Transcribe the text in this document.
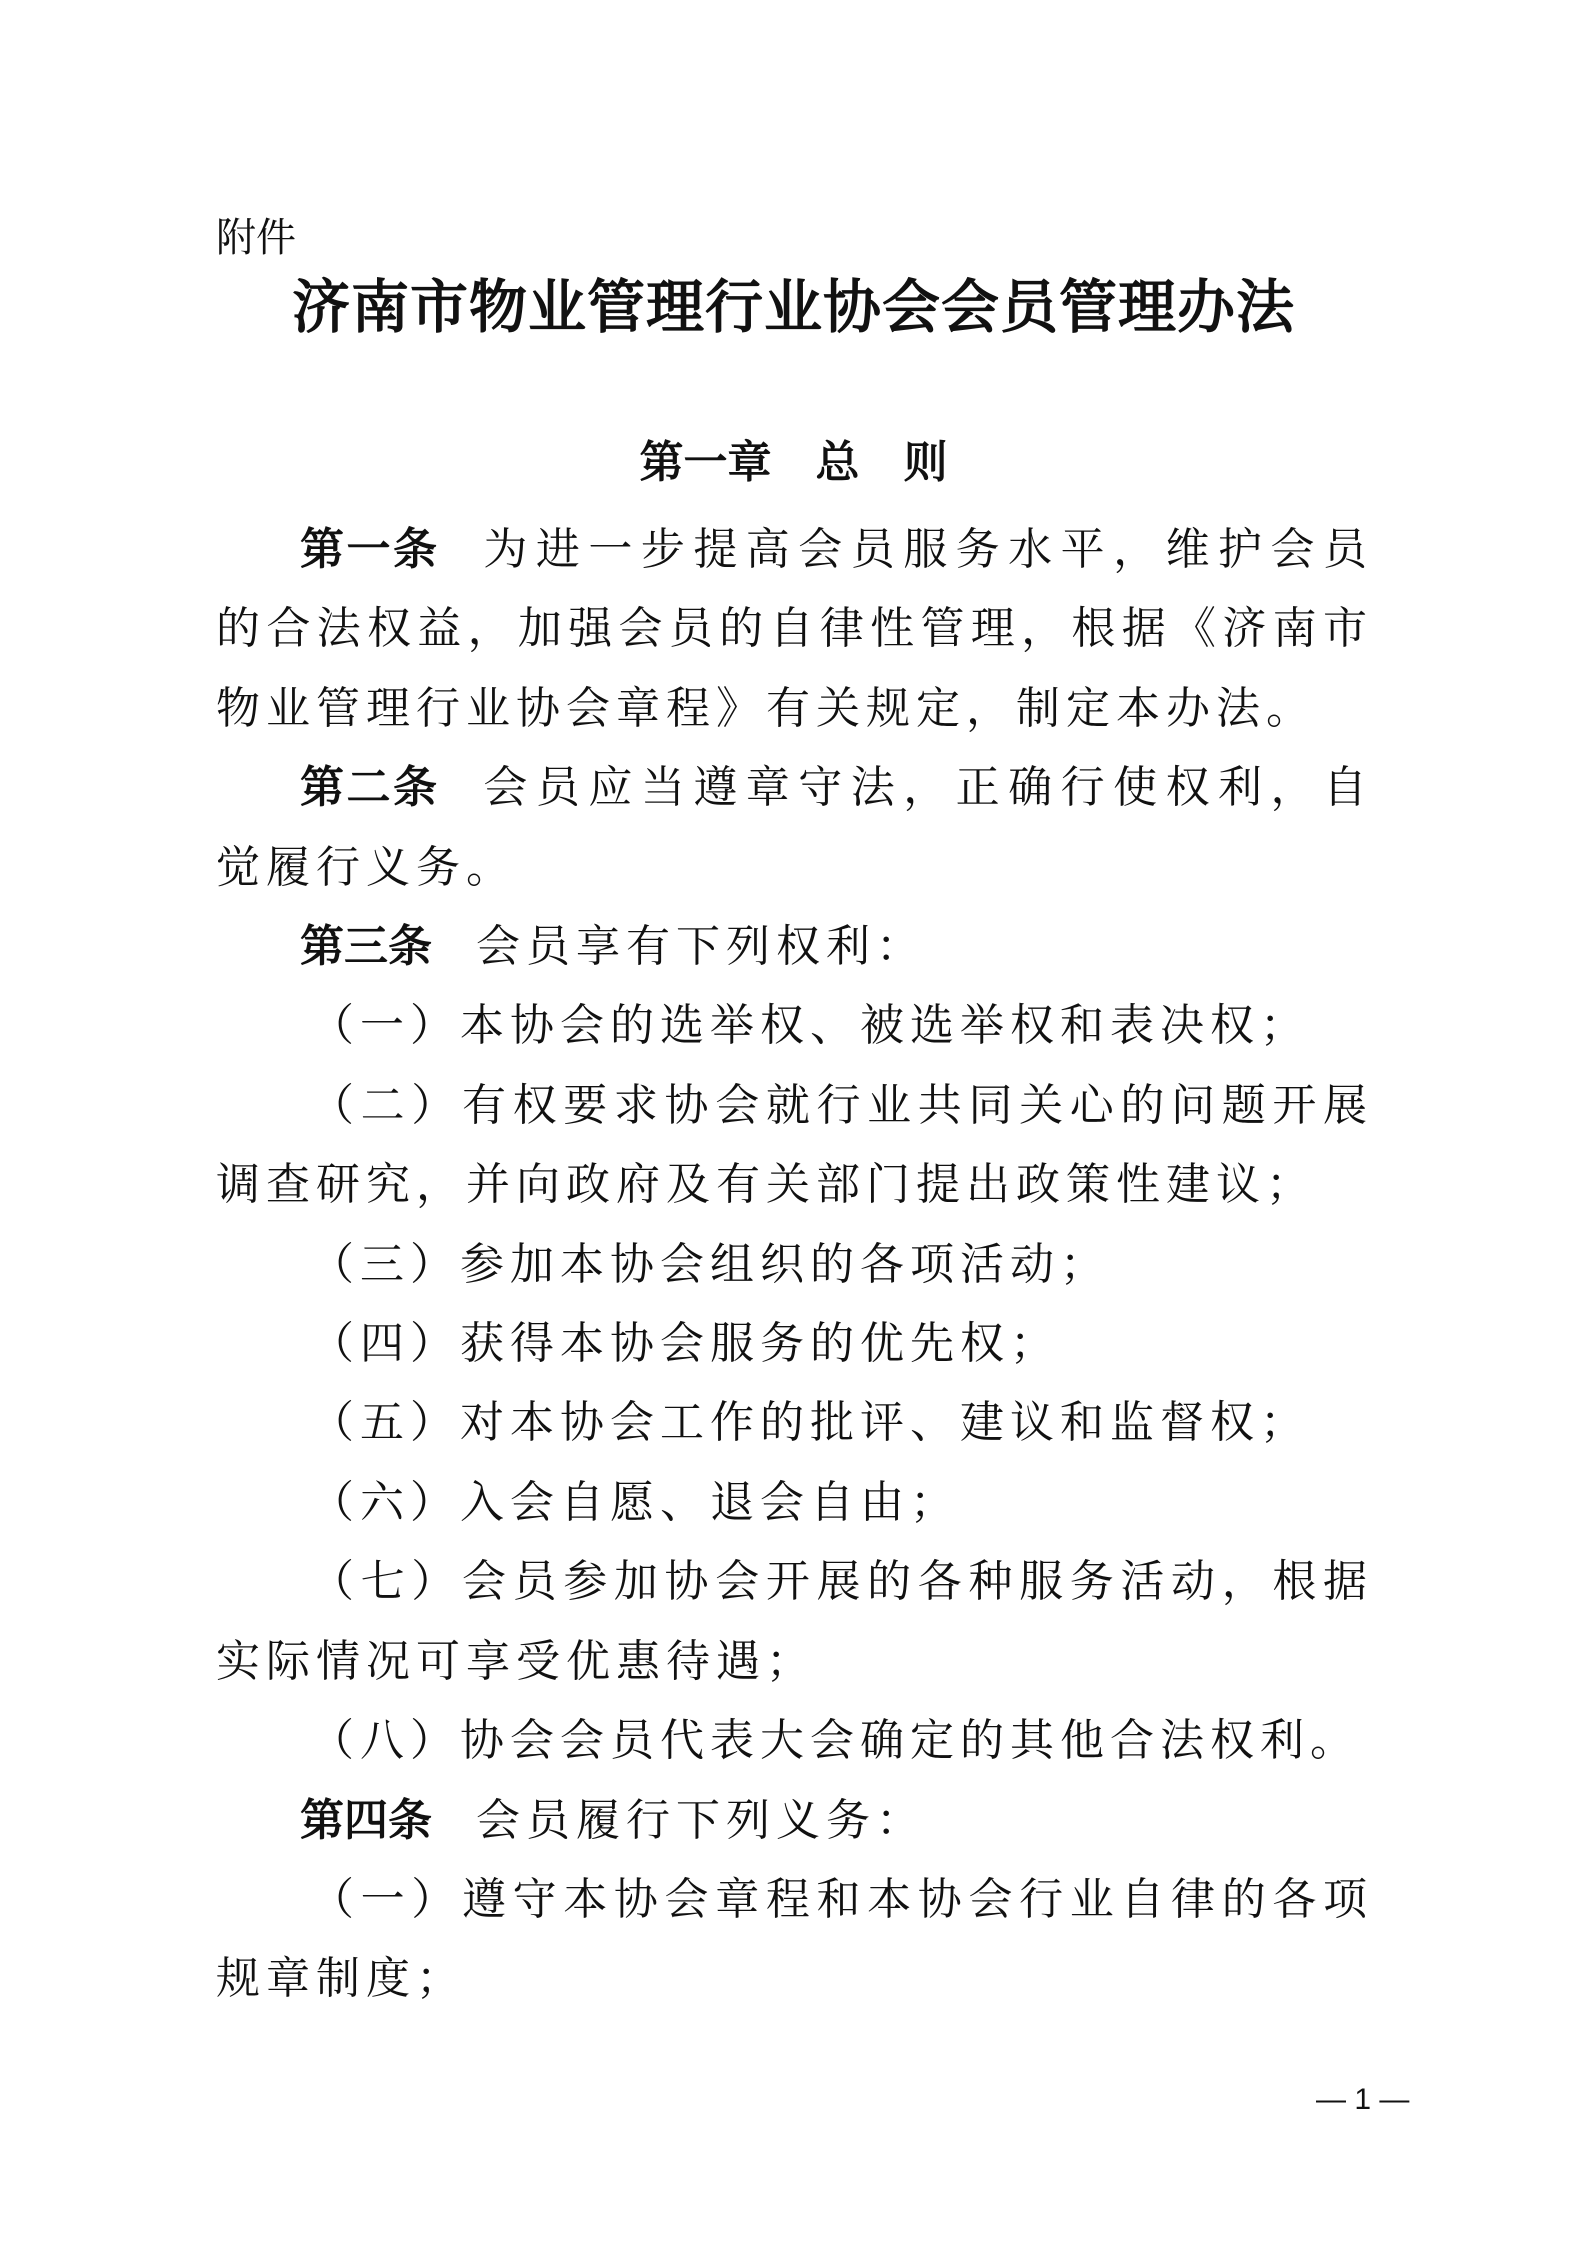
附件
济南市物业管理行业协会会员管理办法
第一章 总 则

第一条 为进一步提高会员服务水平，维护会员的合法权益，加强会员的自律性管理，根据《济南市物业管理行业协会章程》有关规定，制定本办法。

第二条 会员应当遵章守法，正确行使权利，自觉履行义务。

第三条 会员享有下列权利：

（一）本协会的选举权、被选举权和表决权；

（二）有权要求协会就行业共同关心的问题开展调查研究，并向政府及有关部门提出政策性建议；

（三）参加本协会组织的各项活动；

（四）获得本协会服务的优先权；

（五）对本协会工作的批评、建议和监督权；

（六）入会自愿、退会自由；

（七）会员参加协会开展的各种服务活动，根据实际情况可享受优惠待遇；

（八）协会会员代表大会确定的其他合法权利。

第四条 会员履行下列义务：

（一）遵守本协会章程和本协会行业自律的各项规章制度；

— 1 —
